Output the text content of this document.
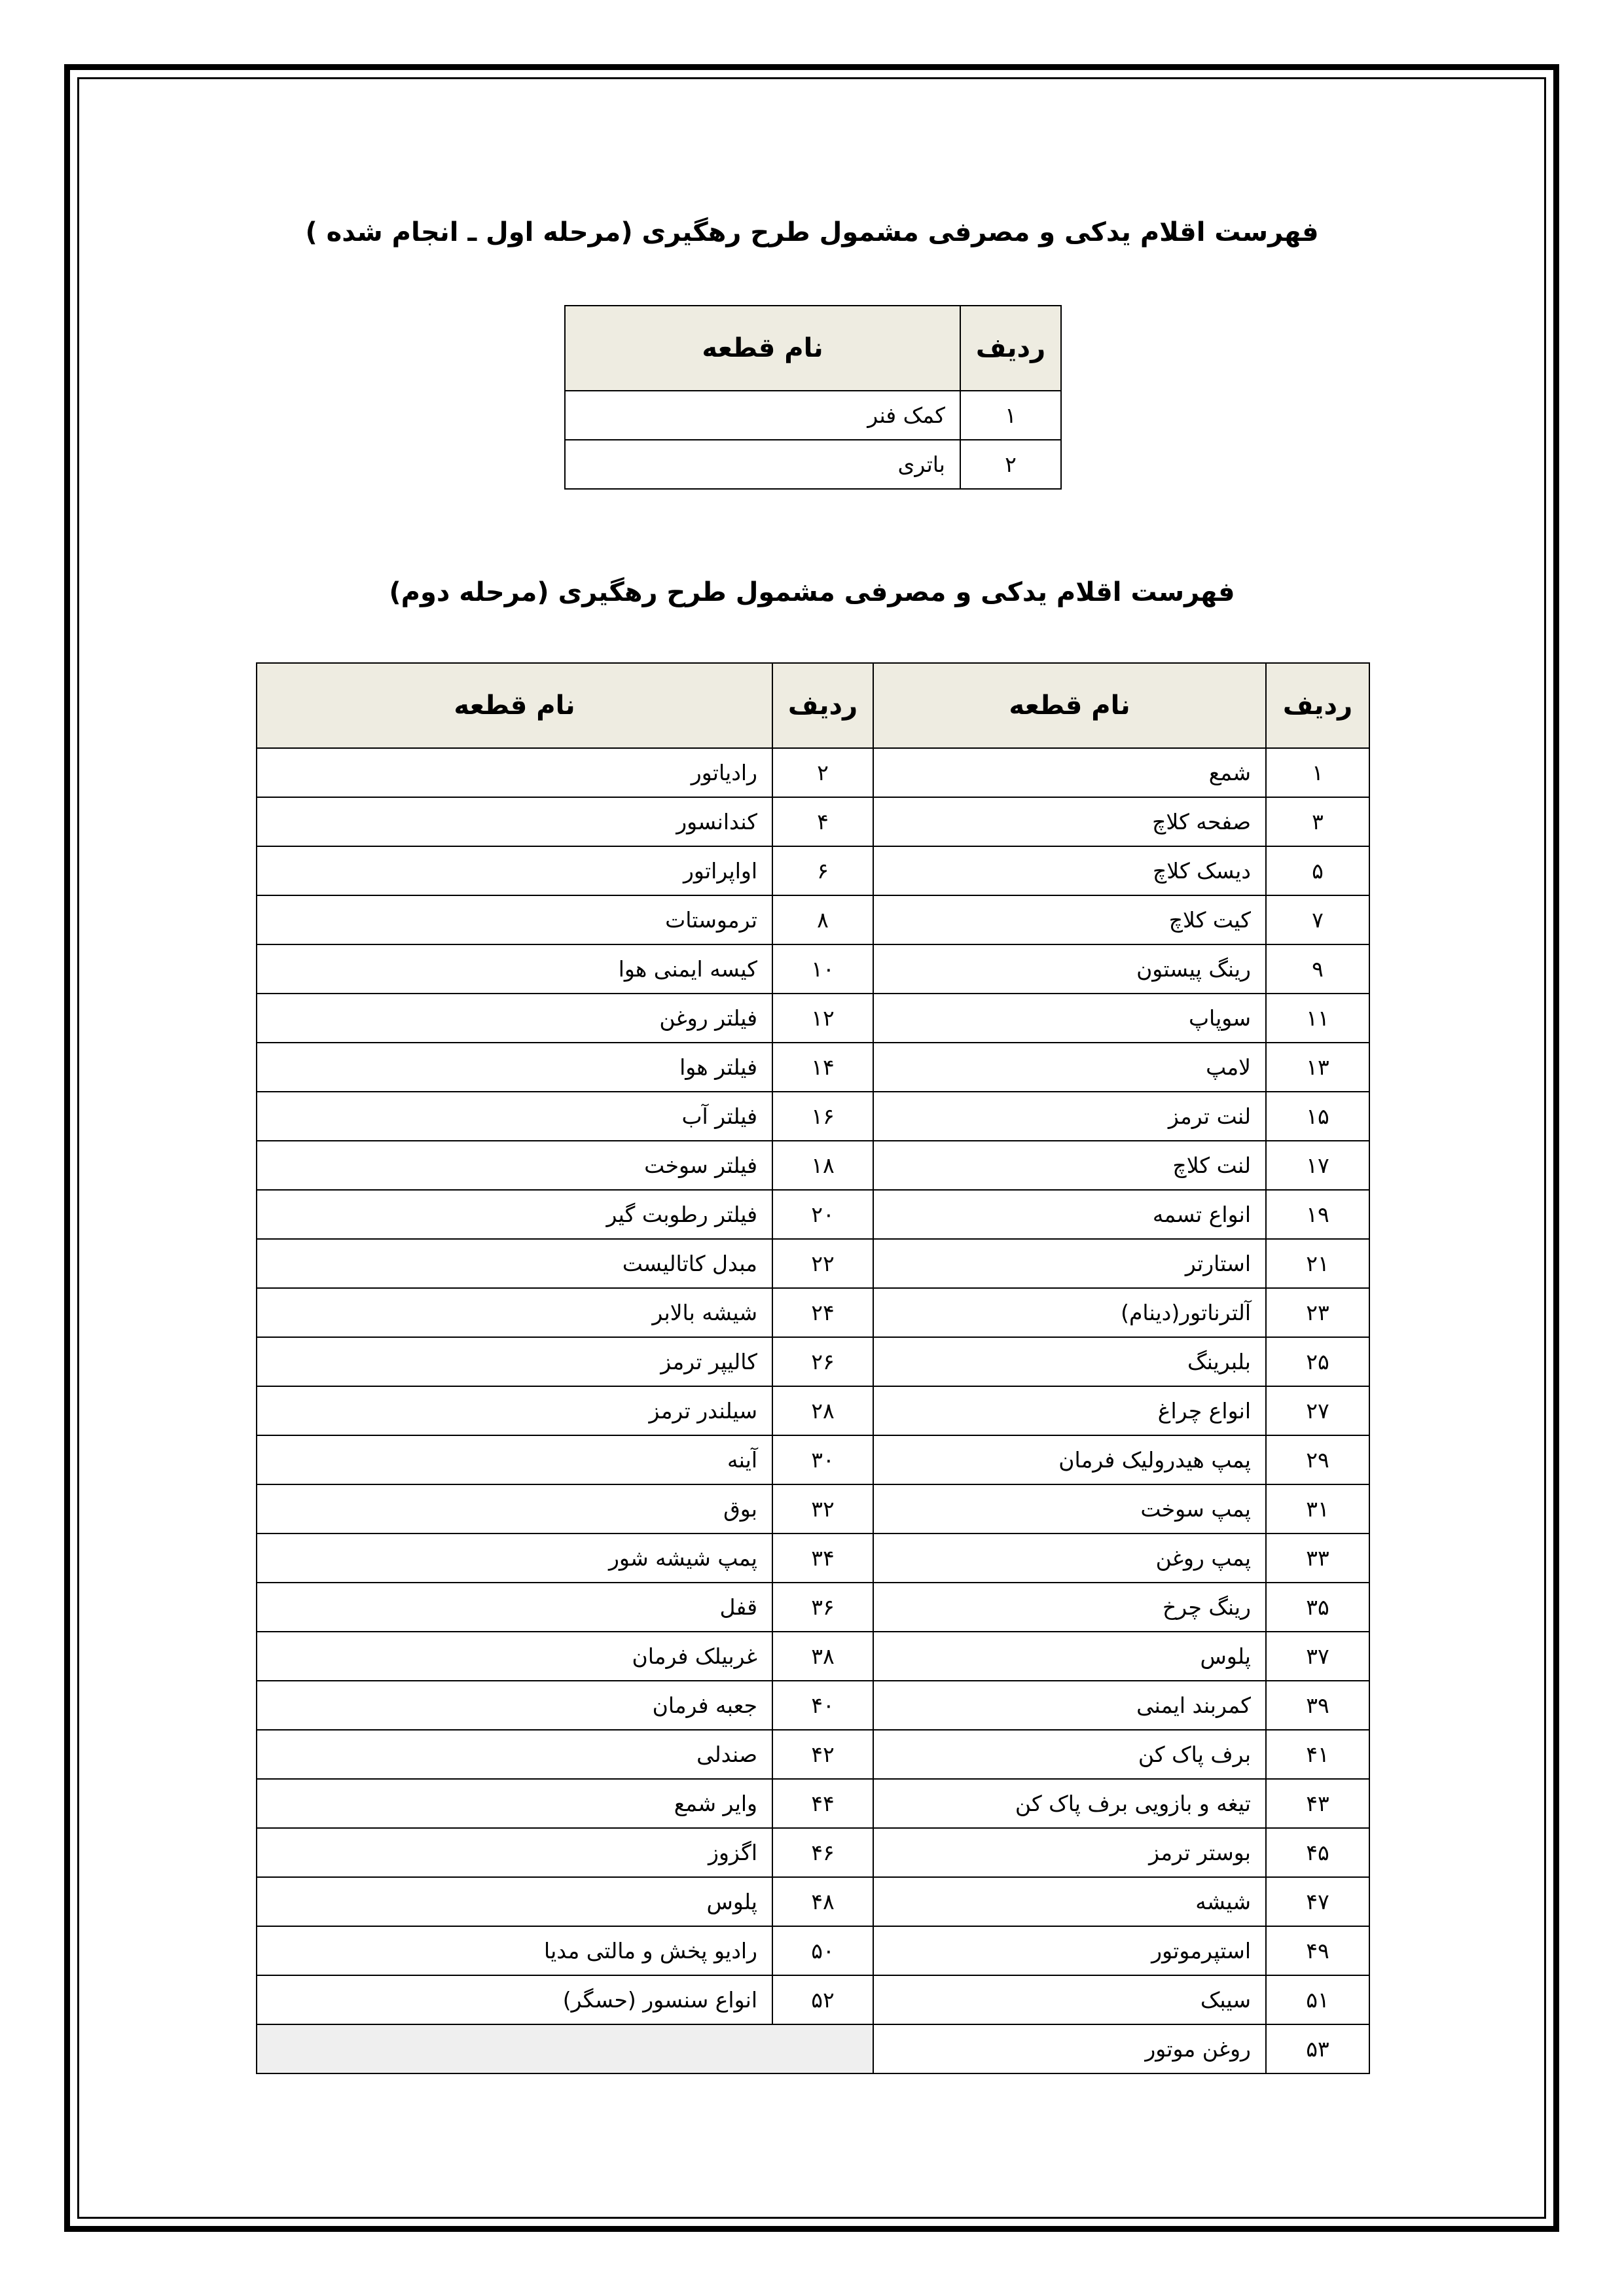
فهرست اقلام یدکی و مصرفی مشمول طرح رهگیری (مرحله اول ـ انجام شده )
ردیف	نام قطعه
۱	کمک فنر
۲	باتری
فهرست اقلام یدکی و مصرفی مشمول طرح رهگیری (مرحله دوم)
ردیف	نام قطعه	ردیف	نام قطعه
۱	شمع	۲	رادیاتور
۳	صفحه کلاچ	۴	کندانسور
۵	دیسک کلاچ	۶	اواپراتور
۷	کیت کلاچ	۸	ترموستات
۹	رینگ پیستون	۱۰	کیسه ایمنی هوا
۱۱	سوپاپ	۱۲	فیلتر روغن
۱۳	لامپ	۱۴	فیلتر هوا
۱۵	لنت ترمز	۱۶	فیلتر آب
۱۷	لنت کلاچ	۱۸	فیلتر سوخت
۱۹	انواع تسمه	۲۰	فیلتر رطوبت گیر
۲۱	استارتر	۲۲	مبدل کاتالیست
۲۳	آلترناتور(دینام)	۲۴	شیشه بالابر
۲۵	بلبرینگ	۲۶	کالیپر ترمز
۲۷	انواع چراغ	۲۸	سیلندر ترمز
۲۹	پمپ هیدرولیک فرمان	۳۰	آینه
۳۱	پمپ سوخت	۳۲	بوق
۳۳	پمپ روغن	۳۴	پمپ شیشه شور
۳۵	رینگ چرخ	۳۶	قفل
۳۷	پلوس	۳۸	غربیلک فرمان
۳۹	کمربند ایمنی	۴۰	جعبه فرمان
۴۱	برف پاک کن	۴۲	صندلی
۴۳	تیغه و بازویی برف پاک کن	۴۴	وایر شمع
۴۵	بوستر ترمز	۴۶	اگزوز
۴۷	شیشه	۴۸	پلوس
۴۹	استپرموتور	۵۰	رادیو پخش و مالتی مدیا
۵۱	سیبک	۵۲	انواع سنسور (حسگر)
۵۳	روغن موتور		
